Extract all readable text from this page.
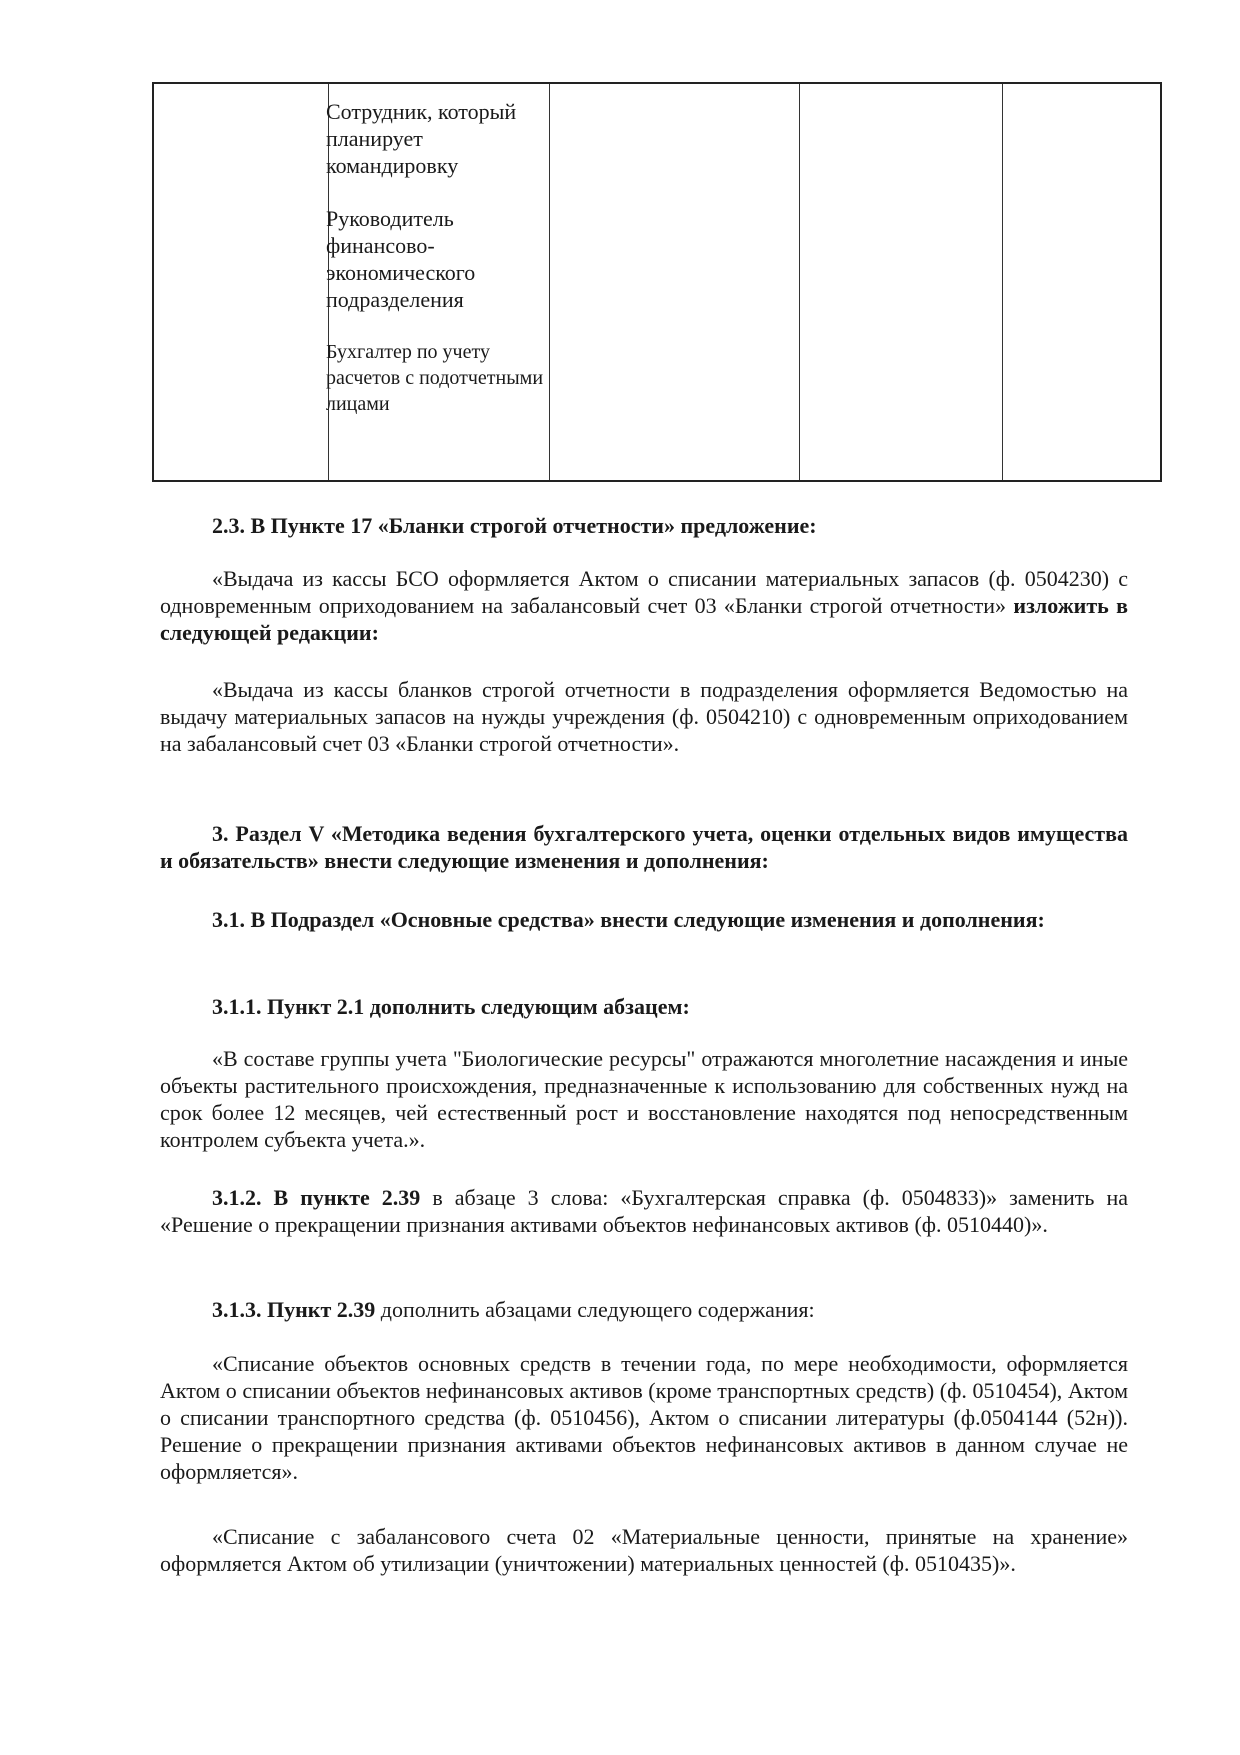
Сотрудник, который планирует командировку
Руководитель финансово-экономического подразделения
Бухгалтер по учету расчетов с подотчетными лицами
2.3. В Пункте 17 «Бланки строгой отчетности» предложение:
«Выдача из кассы БСО оформляется Актом о списании материальных запасов (ф. 0504230) с одновременным оприходованием на забалансовый счет 03 «Бланки строгой отчетности» изложить в следующей редакции:
«Выдача из кассы бланков строгой отчетности в подразделения оформляется Ведомостью на выдачу материальных запасов на нужды учреждения (ф. 0504210) с одновременным оприходованием на забалансовый счет 03 «Бланки строгой отчетности».
3. Раздел V «Методика ведения бухгалтерского учета, оценки отдельных видов имущества и обязательств» внести следующие изменения и дополнения:
3.1. В Подраздел «Основные средства» внести следующие изменения и дополнения:
3.1.1. Пункт 2.1 дополнить следующим абзацем:
«В составе группы учета "Биологические ресурсы" отражаются многолетние насаждения и иные объекты растительного происхождения, предназначенные к использованию для собственных нужд на срок более 12 месяцев, чей естественный рост и восстановление находятся под непосредственным контролем субъекта учета.».
3.1.2. В пункте 2.39 в абзаце 3 слова: «Бухгалтерская справка (ф. 0504833)» заменить на «Решение о прекращении признания активами объектов нефинансовых активов (ф. 0510440)».
3.1.3. Пункт 2.39 дополнить абзацами следующего содержания:
«Списание объектов основных средств в течении года, по мере необходимости, оформляется Актом о списании объектов нефинансовых активов (кроме транспортных средств) (ф. 0510454), Актом о списании транспортного средства (ф. 0510456), Актом о списании литературы (ф.0504144 (52н)). Решение о прекращении признания активами объектов нефинансовых активов в данном случае не оформляется».
«Списание с забалансового счета 02 «Материальные ценности, принятые на хранение» оформляется Актом об утилизации (уничтожении) материальных ценностей (ф. 0510435)».
